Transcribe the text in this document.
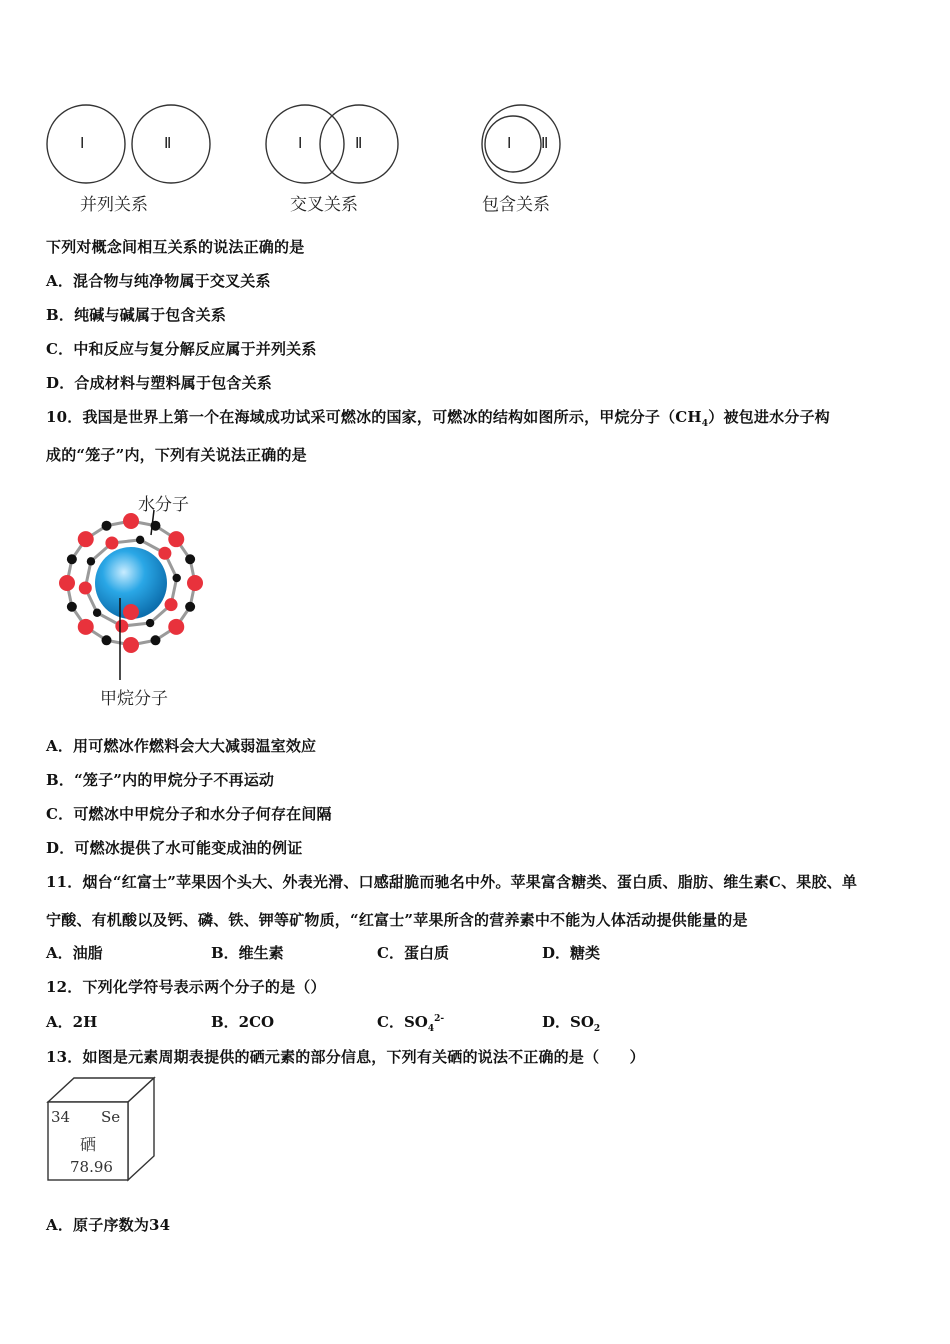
Ⅰ	Ⅱ	Ⅰ	Ⅱ	Ⅰ Ⅱ
并列关系	交叉关系	包含关系
下列对概念间相互关系的说法正确的是
A．混合物与纯净物属于交叉关系
B．纯碱与碱属于包含关系
C．中和反应与复分解反应属于并列关系
D．合成材料与塑料属于包含关系
10．我国是世界上第一个在海域成功试采可燃冰的国家，可燃冰的结构如图所示，甲烷分子$(CH_4)$被包进水分子构
成的“笼子”内，下列有关说法正确的是
水分子
甲烷分子
A．用可燃冰作燃料会大大减弱温室效应
B．“笼子”内的甲烷分子不再运动
C．可燃冰中甲烷分子和水分子何存在间隔
D．可燃冰提供了水可能变成油的例证
11．烟台“红富士”苹果因个头大、外表光滑、口感甜脆而驰名中外。苹果富含糖类、蛋白质、脂肪、维生素C、果胶、单
宁酸、有机酸以及钙、磷、铁、钾等矿物质，“红富士”苹果所含的营养素中不能为人体活动提供能量的是
A．油脂	B．维生素	C．蛋白质	D．糖类
12．下列化学符号表示两个分子的是（）
A．2H	B．2CO	C．$SO_4^{2-}$	D．$SO_2$
13．如图是元素周期表提供的硒元素的部分信息，下列有关硒的说法不正确的是（　　）
34 Se
硒
78.96
A．原子序数为34
